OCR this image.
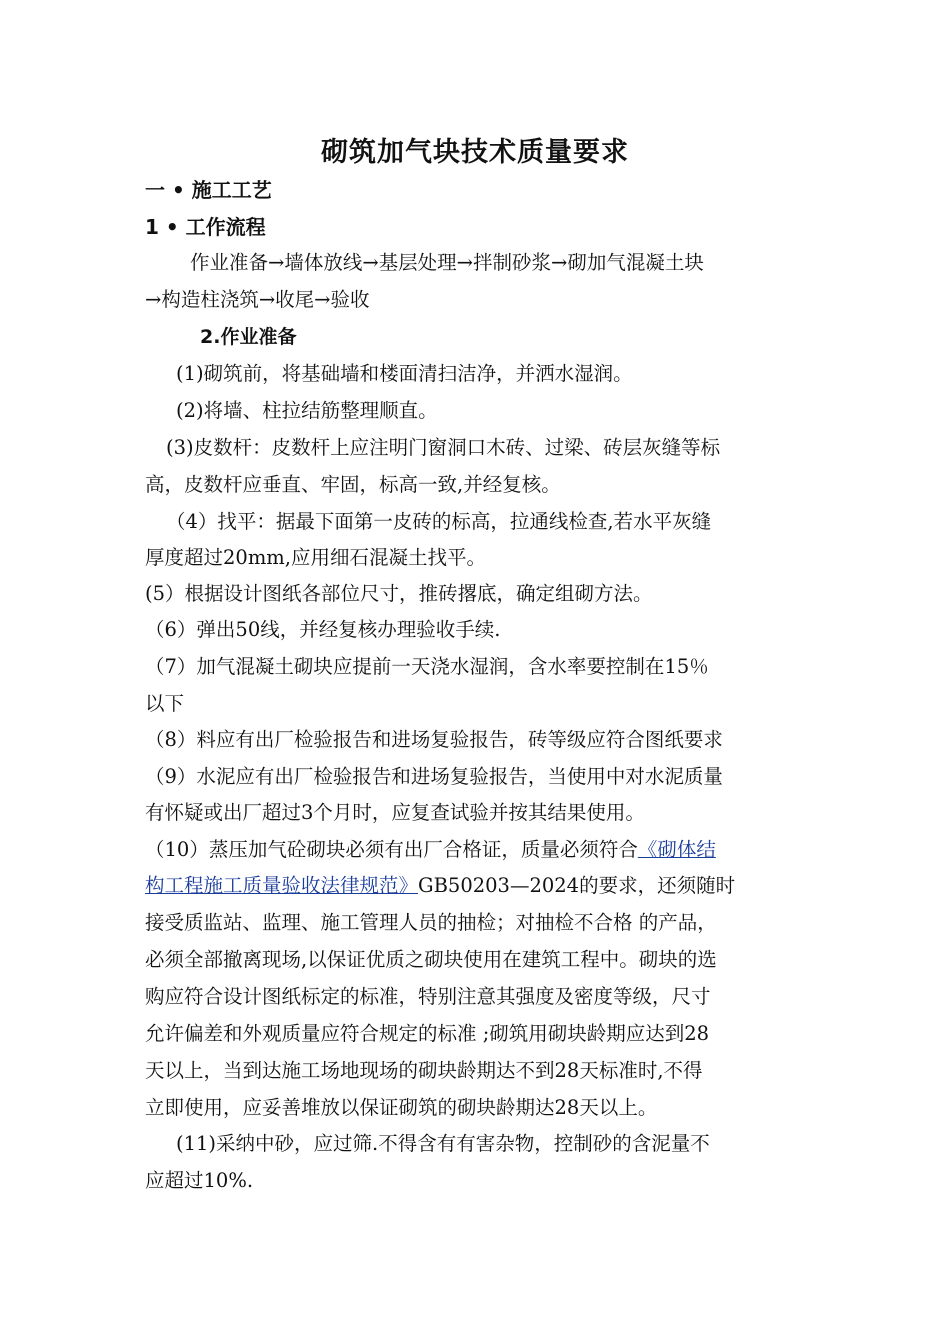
砌筑加气块技术质量要求
一 • 施工工艺
1 • 工作流程
作业准备→墙体放线→基层处理→拌制砂浆→砌加气混凝土块
→构造柱浇筑→收尾→验收
2.作业准备
(1)砌筑前，将基础墙和楼面清扫洁净，并洒水湿润。
(2)将墙、柱拉结筋整理顺直。
(3)皮数杆：皮数杆上应注明门窗洞口木砖、过梁、砖层灰缝等标
高，皮数杆应垂直、牢固，标高一致,并经复核。
（4）找平：据最下面第一皮砖的标高，拉通线检查,若水平灰缝
厚度超过20mm,应用细石混凝土找平。
(5）根据设计图纸各部位尺寸，推砖撂底，确定组砌方法。
（6）弹出50线，并经复核办理验收手续.
（7）加气混凝土砌块应提前一天浇水湿润，含水率要控制在15％
以下
（8）料应有出厂检验报告和进场复验报告，砖等级应符合图纸要求
（9）水泥应有出厂检验报告和进场复验报告，当使用中对水泥质量
有怀疑或出厂超过3个月时，应复查试验并按其结果使用。
（10）蒸压加气砼砌块必须有出厂合格证，质量必须符合《砌体结
构工程施工质量验收法律规范》GB50203—2024的要求，还须随时
接受质监站、监理、施工管理人员的抽检；对抽检不合格 的产品，
必须全部撤离现场,以保证优质之砌块使用在建筑工程中。砌块的选
购应符合设计图纸标定的标准，特别注意其强度及密度等级，尺寸
允许偏差和外观质量应符合规定的标准 ;砌筑用砌块龄期应达到28
天以上，当到达施工场地现场的砌块龄期达不到28天标准时,不得
立即使用，应妥善堆放以保证砌筑的砌块龄期达28天以上。
(11)采纳中砂，应过筛.不得含有有害杂物，控制砂的含泥量不
应超过10%.
